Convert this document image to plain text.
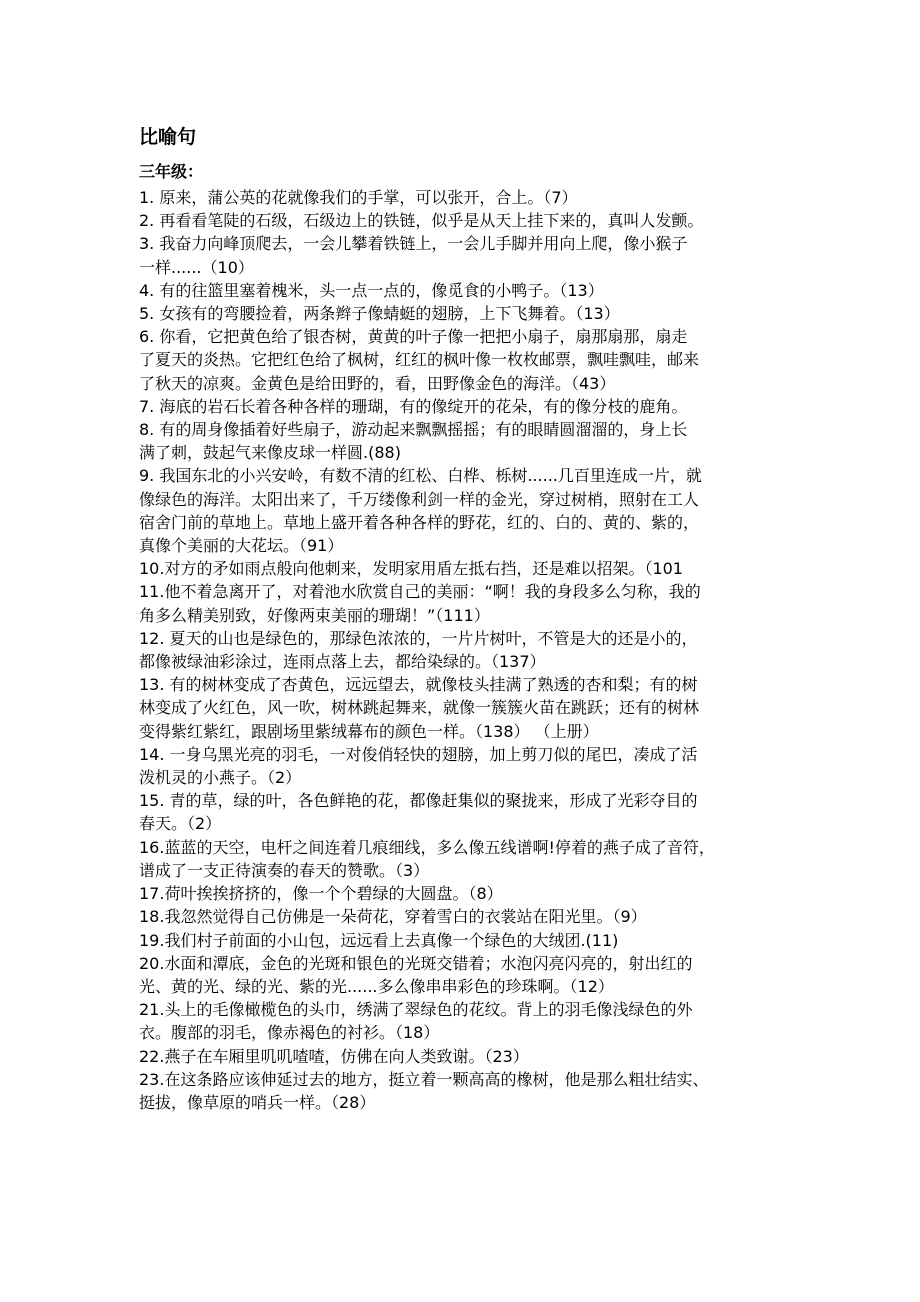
比喻句
三年级：

1. 原来，蒲公英的花就像我们的手掌，可以张开，合上。（7）

2. 再看看笔陡的石级，石级边上的铁链，似乎是从天上挂下来的，真叫人发颤。

3. 我奋力向峰顶爬去，一会儿攀着铁链上，一会儿手脚并用向上爬，像小猴子
一样......（10）

4. 有的往篮里塞着槐米，头一点一点的，像觅食的小鸭子。（13）

5. 女孩有的弯腰捡着，两条辫子像蜻蜓的翅膀，上下飞舞着。（13）

6. 你看，它把黄色给了银杏树，黄黄的叶子像一把把小扇子，扇那扇那，扇走
了夏天的炎热。它把红色给了枫树，红红的枫叶像一枚枚邮票，飘哇飘哇，邮来
了秋天的凉爽。金黄色是给田野的，看，田野像金色的海洋。（43）

7. 海底的岩石长着各种各样的珊瑚，有的像绽开的花朵，有的像分枝的鹿角。

8. 有的周身像插着好些扇子，游动起来飘飘摇摇；有的眼睛圆溜溜的，身上长
满了刺，鼓起气来像皮球一样圆.(88)

9. 我国东北的小兴安岭，有数不清的红松、白桦、栎树......几百里连成一片，就
像绿色的海洋。太阳出来了，千万缕像利剑一样的金光，穿过树梢，照射在工人
宿舍门前的草地上。草地上盛开着各种各样的野花，红的、白的、黄的、紫的，
真像个美丽的大花坛。（91）

10.对方的矛如雨点般向他刺来，发明家用盾左抵右挡，还是难以招架。（101

11.他不着急离开了，对着池水欣赏自己的美丽：“啊！我的身段多么匀称，我的
角多么精美别致，好像两束美丽的珊瑚！”（111）

12. 夏天的山也是绿色的，那绿色浓浓的，一片片树叶，不管是大的还是小的，
都像被绿油彩涂过，连雨点落上去，都给染绿的。（137）

13. 有的树林变成了杏黄色，远远望去，就像枝头挂满了熟透的杏和梨；有的树
林变成了火红色，风一吹，树林跳起舞来，就像一簇簇火苗在跳跃；还有的树林
变得紫红紫红，跟剧场里紫绒幕布的颜色一样。（138） （上册）

14. 一身乌黑光亮的羽毛，一对俊俏轻快的翅膀，加上剪刀似的尾巴，凑成了活
泼机灵的小燕子。（2）

15. 青的草，绿的叶，各色鲜艳的花，都像赶集似的聚拢来，形成了光彩夺目的
春天。（2）

16.蓝蓝的天空，电杆之间连着几痕细线，多么像五线谱啊!停着的燕子成了音符，
谱成了一支正待演奏的春天的赞歌。（3）

17.荷叶挨挨挤挤的，像一个个碧绿的大圆盘。（8）

18.我忽然觉得自己仿佛是一朵荷花，穿着雪白的衣裳站在阳光里。（9）

19.我们村子前面的小山包，远远看上去真像一个绿色的大绒团.(11)

20.水面和潭底，金色的光斑和银色的光斑交错着；水泡闪亮闪亮的，射出红的
光、黄的光、绿的光、紫的光......多么像串串彩色的珍珠啊。（12）

21.头上的毛像橄榄色的头巾，绣满了翠绿色的花纹。背上的羽毛像浅绿色的外
衣。腹部的羽毛，像赤褐色的衬衫。（18）

22.燕子在车厢里叽叽喳喳，仿佛在向人类致谢。（23）

23.在这条路应该伸延过去的地方，挺立着一颗高高的橡树，他是那么粗壮结实、
挺拔，像草原的哨兵一样。（28）
